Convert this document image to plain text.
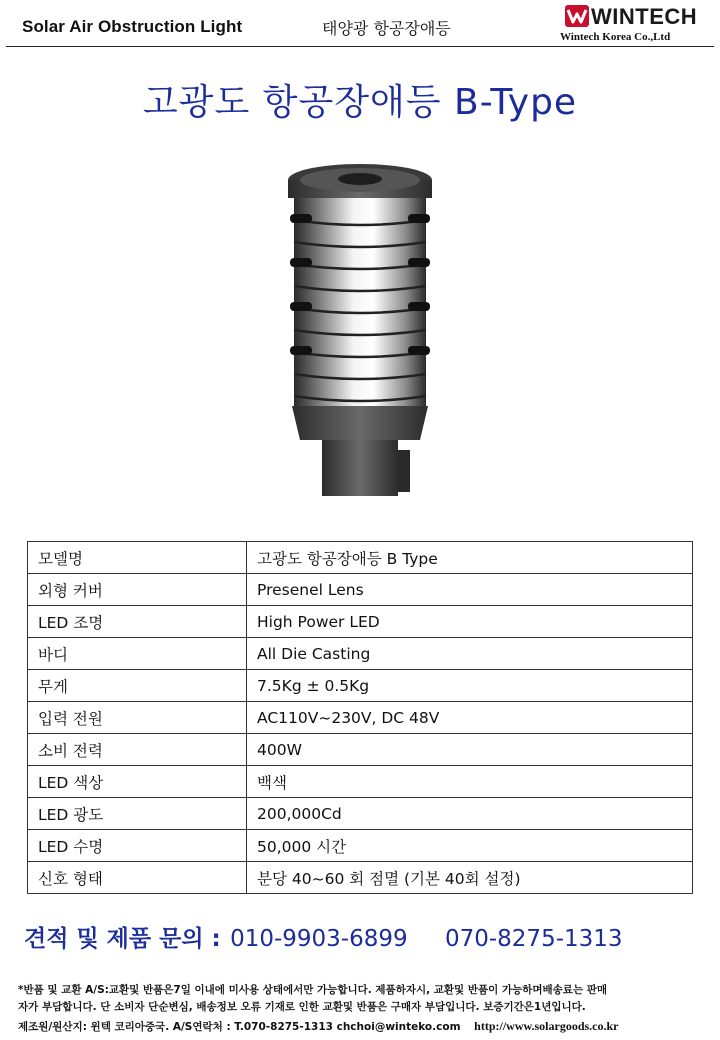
Solar Air Obstruction Light	태양광 항공장애등	WINTECH
Wintech Korea Co.,Ltd
고광도 항공장애등 B-Type
모델명	고광도 항공장애등 B Type
외형 커버	Presenel Lens
LED 조명	High Power LED
바디	All Die Casting
무게	7.5Kg ± 0.5Kg
입력 전원	AC110V~230V, DC 48V
소비 전력	400W
LED 색상	백색
LED 광도	200,000Cd
LED 수명	50,000 시간
신호 형태	분당 40~60 회 점멸 (기본 40회 설정)
견적 및 제품 문의 : 010-9903-6899 070-8275-1313
*반품 및 교환 A/S:교환및 반품은7일 이내에 미사용 상태에서만 가능합니다. 제품하자시, 교환및 반품이 가능하며배송료는 판매
자가 부담합니다. 단 소비자 단순변심, 배송정보 오류 기재로 인한 교환및 반품은 구매자 부담입니다. 보증기간은1년입니다.
제조원/원산지: 윈텍 코리아중국. A/S연락처 : T.070-8275-1313 chchoi@winteko.com http://www.solargoods.co.kr
